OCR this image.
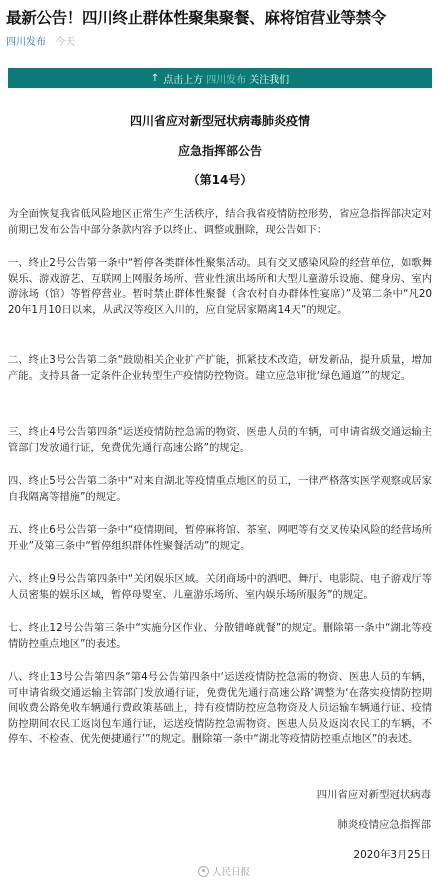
最新公告！四川终止群体性聚集聚餐、麻将馆营业等禁令
四川发布 今天
↑ 点击上方 四川发布 关注我们
四川省应对新型冠状病毒肺炎疫情
应急指挥部公告
（第14号）
为全面恢复我省低风险地区正常生产生活秩序，结合我省疫情防控形势，省应急指挥部决定对前期已发布公告中部分条款内容予以终止、调整或删除，现公告如下：
一、终止2号公告第一条中“暂停各类群体性聚集活动。具有交叉感染风险的经营单位，如歌舞娱乐、游戏游艺、互联网上网服务场所、营业性演出场所和大型儿童游乐设施、健身房、室内游泳场（馆）等暂停营业。暂时禁止群体性聚餐（含农村自办群体性宴席）”及第二条中“凡2020年1月10日以来，从武汉等疫区入川的，应自觉居家隔离14天”的规定。
二、终止3号公告第二条“鼓励相关企业扩产扩能，抓紧技术改造，研发新品，提升质量，增加产能。支持具备一定条件企业转型生产疫情防控物资。建立应急审批‘绿色通道’”的规定。
三、终止4号公告第四条“运送疫情防控急需的物资、医患人员的车辆，可申请省级交通运输主管部门发放通行证，免费优先通行高速公路”的规定。
四、终止5号公告第二条中“对来自湖北等疫情重点地区的员工，一律严格落实医学观察或居家自我隔离等措施”的规定。
五、终止6号公告第一条中“疫情期间，暂停麻将馆、茶室、网吧等有交叉传染风险的经营场所开业”及第三条中“暂停组织群体性聚餐活动”的规定。
六、终止9号公告第四条中“关闭娱乐区域。关闭商场中的酒吧、舞厅、电影院、电子游戏厅等人员密集的娱乐区域，暂停母婴室、儿童游乐场所、室内娱乐场所服务”的规定。
七、终止12号公告第三条中“实施分区作业、分散错峰就餐”的规定。删除第一条中“湖北等疫情防控重点地区”的表述。
八、终止13号公告第四条“第4号公告第四条中‘运送疫情防控急需的物资、医患人员的车辆，可申请省级交通运输主管部门发放通行证，免费优先通行高速公路’调整为‘在落实疫情防控期间收费公路免收车辆通行费政策基础上，持有疫情防控应急物资及人员运输车辆通行证、疫情防控期间农民工返岗包车通行证，运送疫情防控急需物资、医患人员及返岗农民工的车辆，不停车、不检查、优先便捷通行’”的规定。删除第一条中“湖北等疫情防控重点地区”的表述。
四川省应对新型冠状病毒
肺炎疫情应急指挥部
2020年3月25日
人民日报
